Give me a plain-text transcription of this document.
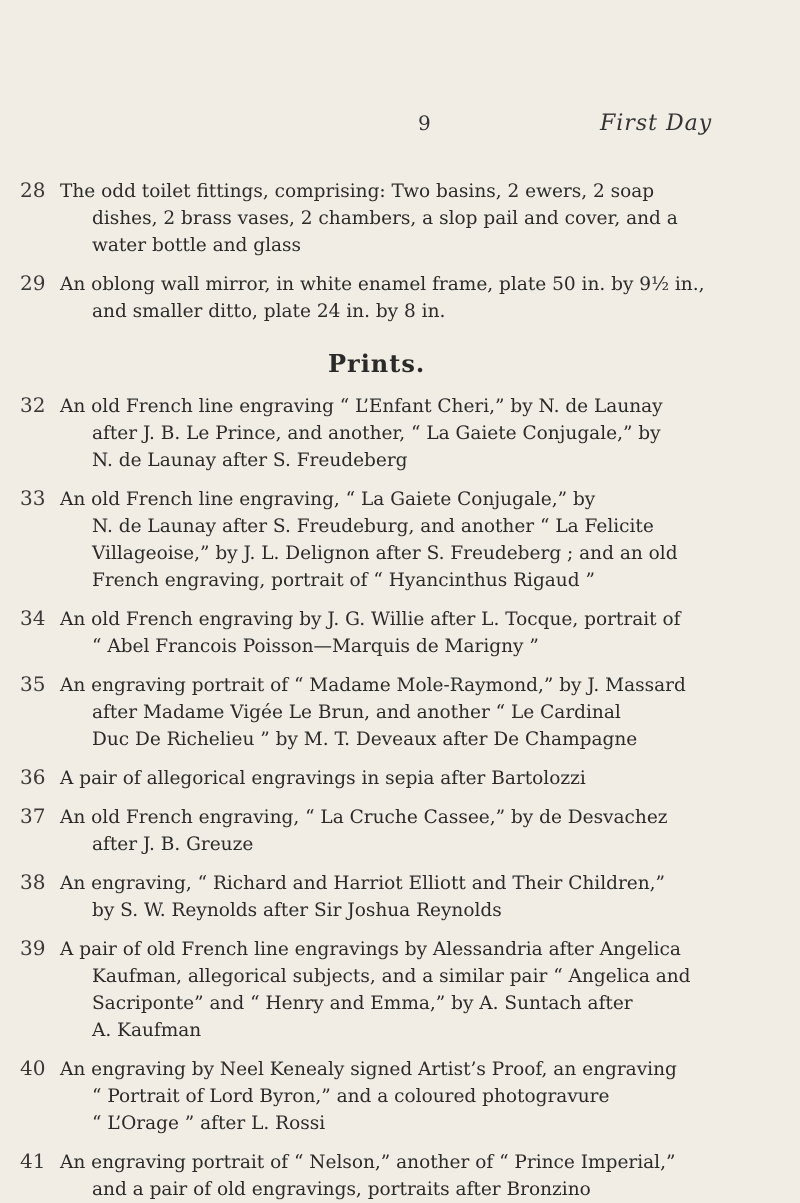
9	First Day
28 The odd toilet fittings, comprising: Two basins, 2 ewers, 2 soap
dishes, 2 brass vases, 2 chambers, a slop pail and cover, and a
water bottle and glass
29 An oblong wall mirror, in white enamel frame, plate 50 in. by 9½ in.,
and smaller ditto, plate 24 in. by 8 in.
Prints.
32 An old French line engraving “ L’Enfant Cheri,” by N. de Launay
after J. B. Le Prince, and another, “ La Gaiete Conjugale,” by
N. de Launay after S. Freudeberg
33 An old French line engraving, “ La Gaiete Conjugale,” by
N. de Launay after S. Freudeburg, and another “ La Felicite
Villageoise,” by J. L. Delignon after S. Freudeberg ; and an old
French engraving, portrait of “ Hyancinthus Rigaud ”
34 An old French engraving by J. G. Willie after L. Tocque, portrait of
“ Abel Francois Poisson—Marquis de Marigny ”
35 An engraving portrait of “ Madame Mole-Raymond,” by J. Massard
after Madame Vigée Le Brun, and another “ Le Cardinal
Duc De Richelieu ” by M. T. Deveaux after De Champagne
36 A pair of allegorical engravings in sepia after Bartolozzi
37 An old French engraving, “ La Cruche Cassee,” by de Desvachez
after J. B. Greuze
38 An engraving, “ Richard and Harriot Elliott and Their Children,”
by S. W. Reynolds after Sir Joshua Reynolds
39 A pair of old French line engravings by Alessandria after Angelica
Kaufman, allegorical subjects, and a similar pair “ Angelica and
Sacriponte” and “ Henry and Emma,” by A. Suntach after
A. Kaufman
40 An engraving by Neel Kenealy signed Artist’s Proof, an engraving
“ Portrait of Lord Byron,” and a coloured photogravure
“ L’Orage ” after L. Rossi
41 An engraving portrait of “ Nelson,” another of “ Prince Imperial,”
and a pair of old engravings, portraits after Bronzino
